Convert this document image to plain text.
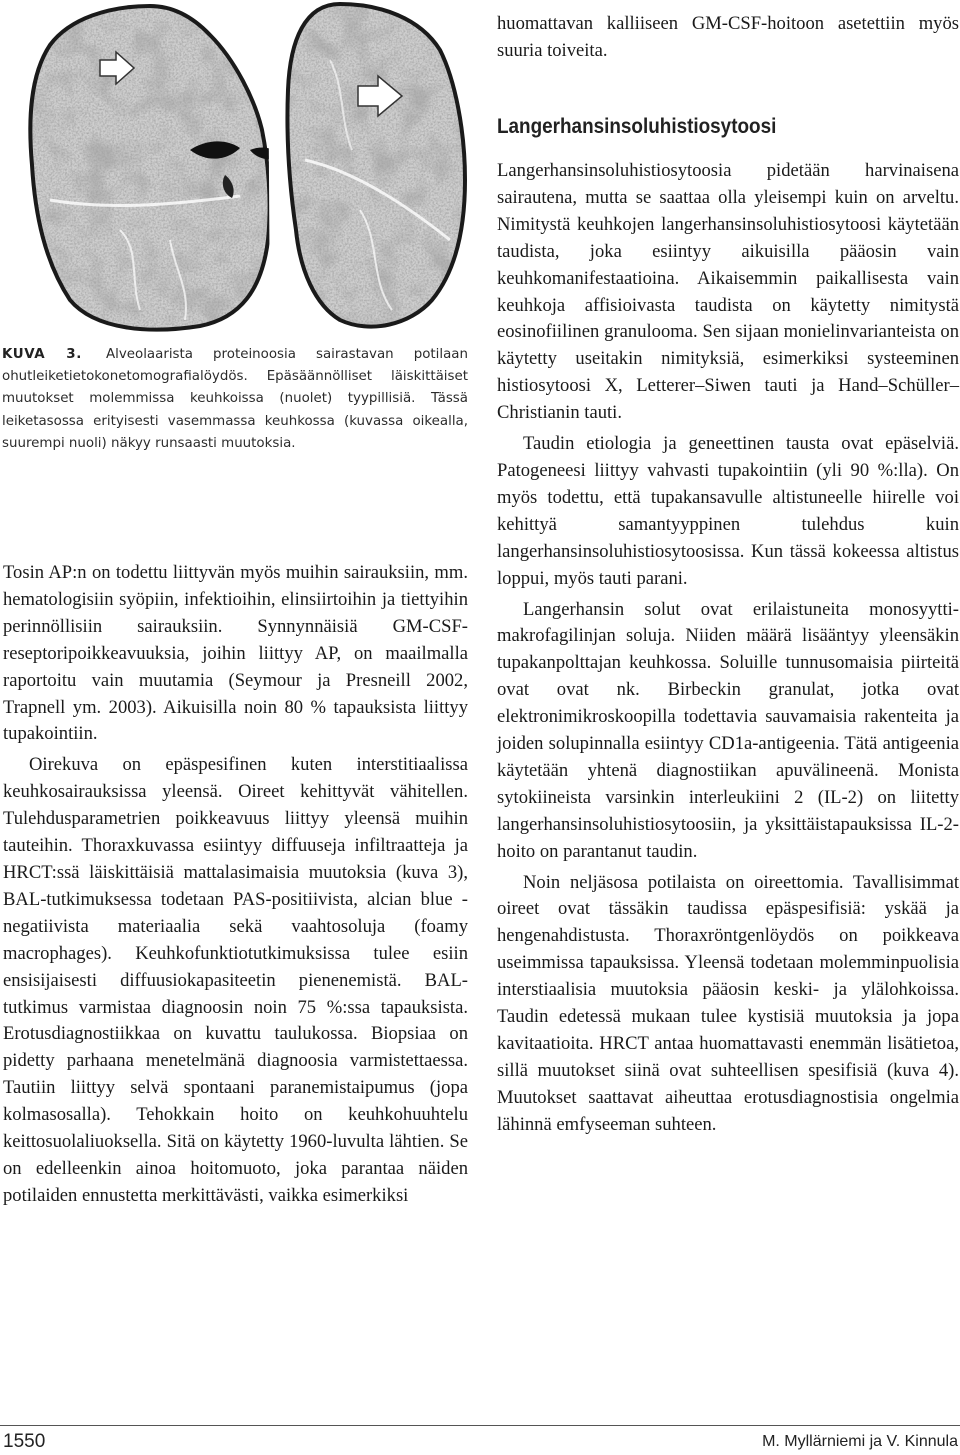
KUVA 3. Alveolaarista proteinoosia sairastavan potilaan ohutleiketietokonetomografialöydös. Epäsäännölliset läiskittäiset muutokset molemmissa keuhkoissa (nuolet) tyypillisiä. Tässä leiketasossa erityisesti vasemmassa keuhkossa (kuvassa oikealla, suurempi nuoli) näkyy runsaasti muutoksia.

Tosin AP:n on todettu liittyvän myös muihin sairauksiin, mm. hematologisiin syöpiin, infektioihin, elinsiirtoihin ja tiettyihin perinnöllisiin sairauksiin. Synnynnäisiä GM-CSF-reseptoripoikkeavuuksia, joihin liittyy AP, on maailmalla raportoitu vain muutamia (Seymour ja Presneill 2002, Trapnell ym. 2003). Aikuisilla noin 80 % tapauksista liittyy tupakointiin.

Oirekuva on epäspesifinen kuten interstitiaalissa keuhkosairauksissa yleensä. Oireet kehittyvät vähitellen. Tulehdusparametrien poikkeavuus liittyy yleensä muihin tauteihin. Thoraxkuvassa esiintyy diffuuseja infiltraatteja ja HRCT:ssä läiskittäisiä mattalasimaisia muutoksia (kuva 3), BAL-tutkimuksessa todetaan PAS-positiivista, alcian blue -negatiivista materiaalia sekä vaahtosoluja (foamy macrophages). Keuhkofunktiotutkimuksissa tulee esiin ensisijaisesti diffuusiokapasiteetin pienenemistä. BAL-tutkimus varmistaa diagnoosin noin 75 %:ssa tapauksista. Erotusdiagnostiikkaa on kuvattu taulukossa. Biopsiaa on pidetty parhaana menetelmänä diagnoosia varmistettaessa. Tautiin liittyy selvä spontaani paranemistaipumus (jopa kolmasosalla). Tehokkain hoito on keuhkohuuhtelu keittosuolaliuoksella. Sitä on käytetty 1960-luvulta lähtien. Se on edelleenkin ainoa hoitomuoto, joka parantaa näiden potilaiden ennustetta merkittävästi, vaikka esimerkiksi

huomattavan kalliiseen GM-CSF-hoitoon asetettiin myös suuria toiveita.

Langerhansinsoluhistiosytoosi

Langerhansinsoluhistiosytoosia pidetään harvinaisena sairautena, mutta se saattaa olla yleisempi kuin on arveltu. Nimitystä keuhkojen langerhansinsoluhistiosytoosi käytetään taudista, joka esiintyy aikuisilla pääosin vain keuhkomanifestaatioina. Aikaisemmin paikallisesta vain keuhkoja affisioivasta taudista on käytetty nimitystä eosinofiilinen granulooma. Sen sijaan monielinvarianteista on käytetty useitakin nimityksiä, esimerkiksi systeeminen histiosytoosi X, Letterer–Siwen tauti ja Hand–Schüller–Christianin tauti.

Taudin etiologia ja geneettinen tausta ovat epäselviä. Patogeneesi liittyy vahvasti tupakointiin (yli 90 %:lla). On myös todettu, että tupakansavulle altistuneelle hiirelle voi kehittyä samantyyppinen tulehdus kuin langerhansinsoluhistiosytoosissa. Kun tässä kokeessa altistus loppui, myös tauti parani.

Langerhansin solut ovat erilaistuneita monosyytti-makrofagilinjan soluja. Niiden määrä lisääntyy yleensäkin tupakanpolttajan keuhkossa. Soluille tunnusomaisia piirteitä ovat ovat nk. Birbeckin granulat, jotka ovat elektronimikroskoopilla todettavia sauvamaisia rakenteita ja joiden solupinnalla esiintyy CD1a-antigeenia. Tätä antigeenia käytetään yhtenä diagnostiikan apuvälineenä. Monista sytokiineista varsinkin interleukiini 2 (IL-2) on liitetty langerhansinsoluhistiosytoosiin, ja yksittäistapauksissa IL-2-hoito on parantanut taudin.

Noin neljäsosa potilaista on oireettomia. Tavallisimmat oireet ovat tässäkin taudissa epäspesifisiä: yskää ja hengenahdistusta. Thoraxröntgenlöydös on poikkeava useimmissa tapauksissa. Yleensä todetaan molemminpuolisia interstiaalisia muutoksia pääosin keski- ja ylälohkoissa. Taudin edetessä mukaan tulee kystisiä muutoksia ja jopa kavitaatioita. HRCT antaa huomattavasti enemmän lisätietoa, sillä muutokset siinä ovat suhteellisen spesifisiä (kuva 4). Muutokset saattavat aiheuttaa erotusdiagnostisia ongelmia lähinnä emfyseeman suhteen.

1550	M. Myllärniemi ja V. Kinnula
